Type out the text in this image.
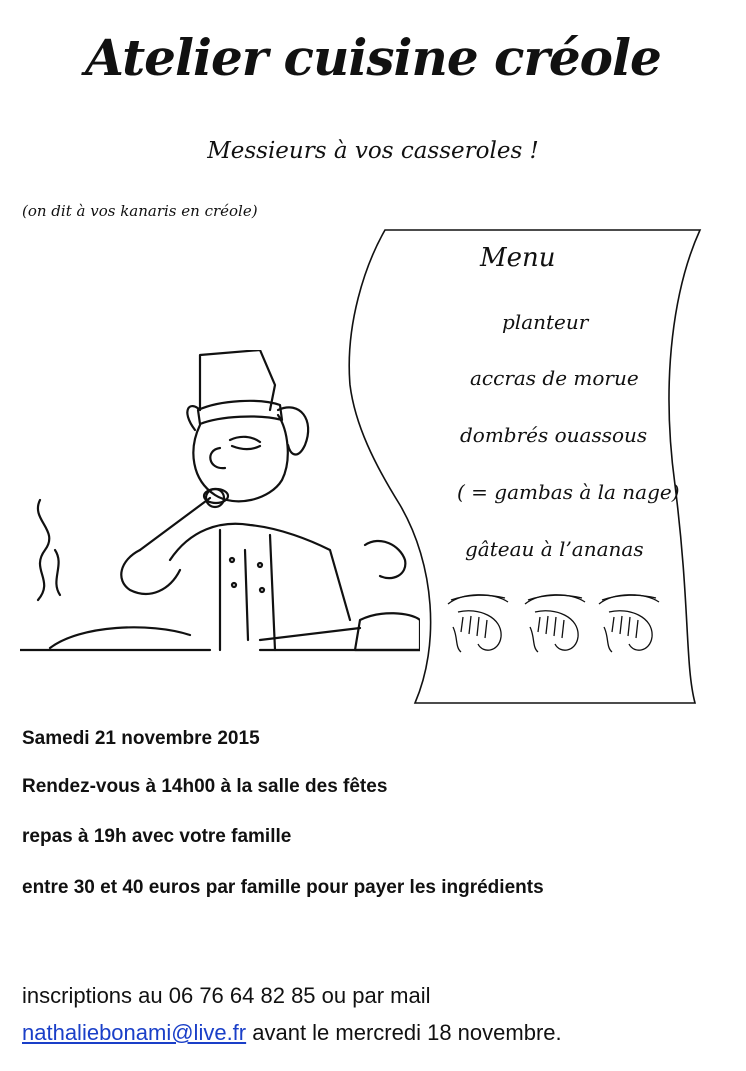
Atelier cuisine créole
Messieurs à vos casseroles !
(on dit à vos kanaris en créole)
Menu
planteur
accras de morue
dombrés ouassous
( = gambas à la nage)
gâteau à l’ananas
Samedi 21 novembre 2015
Rendez-vous à 14h00 à la salle des fêtes
repas à 19h avec votre famille
entre 30 et 40 euros par famille pour payer les ingrédients
inscriptions au 06 76 64 82 85 ou par mail
nathaliebonami@live.fr avant le mercredi 18 novembre.
